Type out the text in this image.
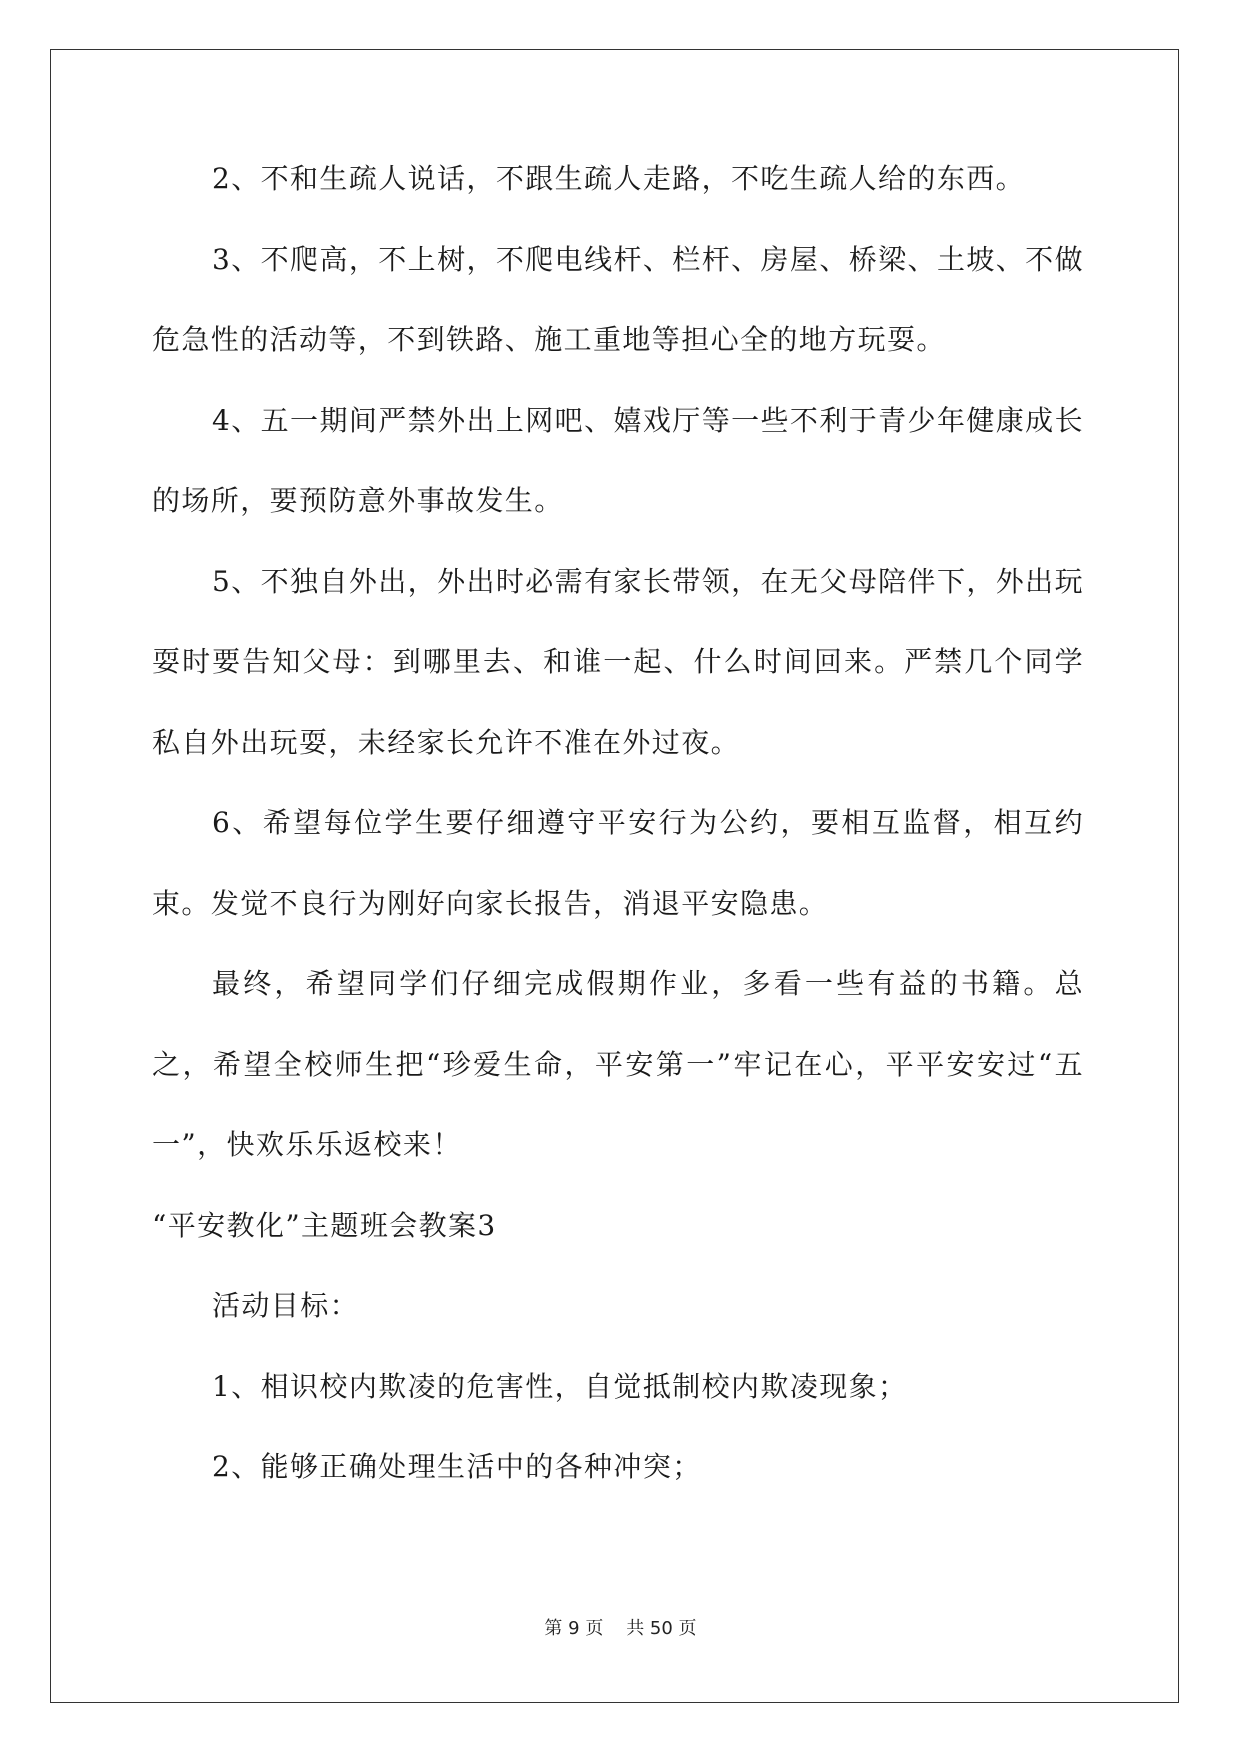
2、不和生疏人说话，不跟生疏人走路，不吃生疏人给的东西。

3、不爬高，不上树，不爬电线杆、栏杆、房屋、桥梁、土坡、不做危急性的活动等，不到铁路、施工重地等担心全的地方玩耍。

4、五一期间严禁外出上网吧、嬉戏厅等一些不利于青少年健康成长的场所，要预防意外事故发生。

5、不独自外出，外出时必需有家长带领，在无父母陪伴下，外出玩耍时要告知父母：到哪里去、和谁一起、什么时间回来。严禁几个同学私自外出玩耍，未经家长允许不准在外过夜。

6、希望每位学生要仔细遵守平安行为公约，要相互监督，相互约束。发觉不良行为刚好向家长报告，消退平安隐患。

最终，希望同学们仔细完成假期作业，多看一些有益的书籍。总之，希望全校师生把“珍爱生命，平安第一”牢记在心，平平安安过“五一”，快欢乐乐返校来！

“平安教化”主题班会教案3

活动目标：

1、相识校内欺凌的危害性，自觉抵制校内欺凌现象；

2、能够正确处理生活中的各种冲突；

第 9 页    共 50 页
